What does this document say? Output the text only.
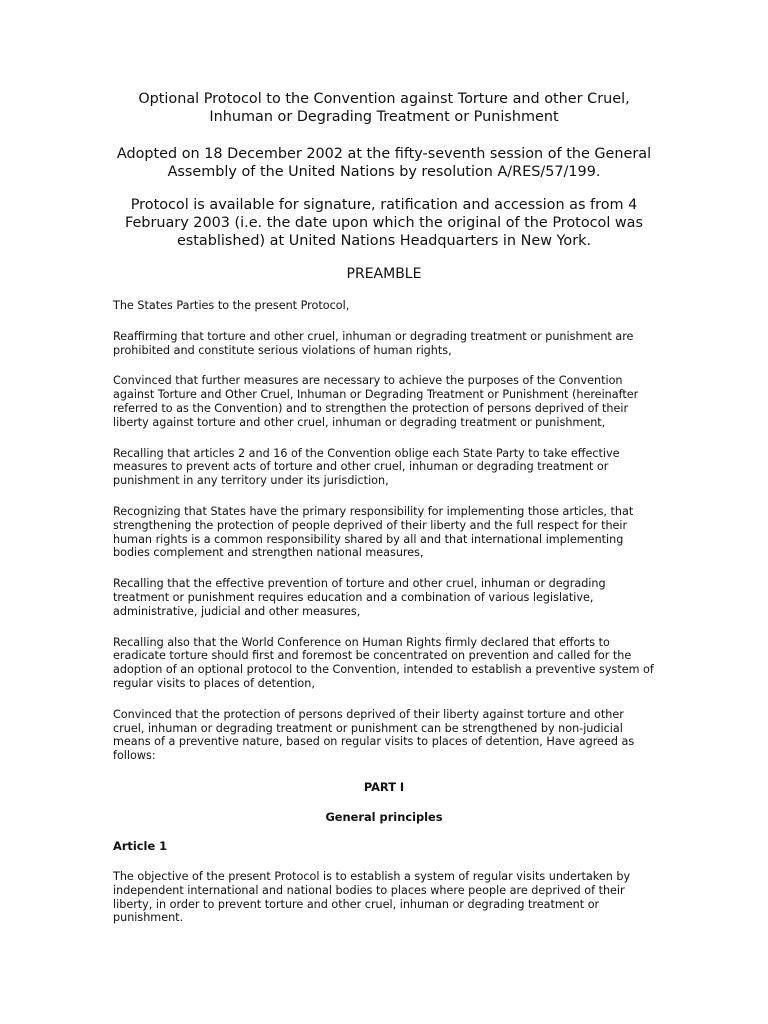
Optional Protocol to the Convention against Torture and other Cruel, Inhuman or Degrading Treatment or Punishment
Adopted on 18 December 2002 at the fifty-seventh session of the General Assembly of the United Nations by resolution A/RES/57/199.
Protocol is available for signature, ratification and accession as from 4 February 2003 (i.e. the date upon which the original of the Protocol was established) at United Nations Headquarters in New York.
PREAMBLE

The States Parties to the present Protocol,

Reaffirming that torture and other cruel, inhuman or degrading treatment or punishment are prohibited and constitute serious violations of human rights,

Convinced that further measures are necessary to achieve the purposes of the Convention against Torture and Other Cruel, Inhuman or Degrading Treatment or Punishment (hereinafter referred to as the Convention) and to strengthen the protection of persons deprived of their liberty against torture and other cruel, inhuman or degrading treatment or punishment,

Recalling that articles 2 and 16 of the Convention oblige each State Party to take effective measures to prevent acts of torture and other cruel, inhuman or degrading treatment or punishment in any territory under its jurisdiction,

Recognizing that States have the primary responsibility for implementing those articles, that strengthening the protection of people deprived of their liberty and the full respect for their human rights is a common responsibility shared by all and that international implementing bodies complement and strengthen national measures,

Recalling that the effective prevention of torture and other cruel, inhuman or degrading treatment or punishment requires education and a combination of various legislative, administrative, judicial and other measures,

Recalling also that the World Conference on Human Rights firmly declared that efforts to eradicate torture should first and foremost be concentrated on prevention and called for the adoption of an optional protocol to the Convention, intended to establish a preventive system of regular visits to places of detention,

Convinced that the protection of persons deprived of their liberty against torture and other cruel, inhuman or degrading treatment or punishment can be strengthened by non-judicial means of a preventive nature, based on regular visits to places of detention, Have agreed as follows:

PART I
General principles
Article 1

The objective of the present Protocol is to establish a system of regular visits undertaken by independent international and national bodies to places where people are deprived of their liberty, in order to prevent torture and other cruel, inhuman or degrading treatment or punishment.
